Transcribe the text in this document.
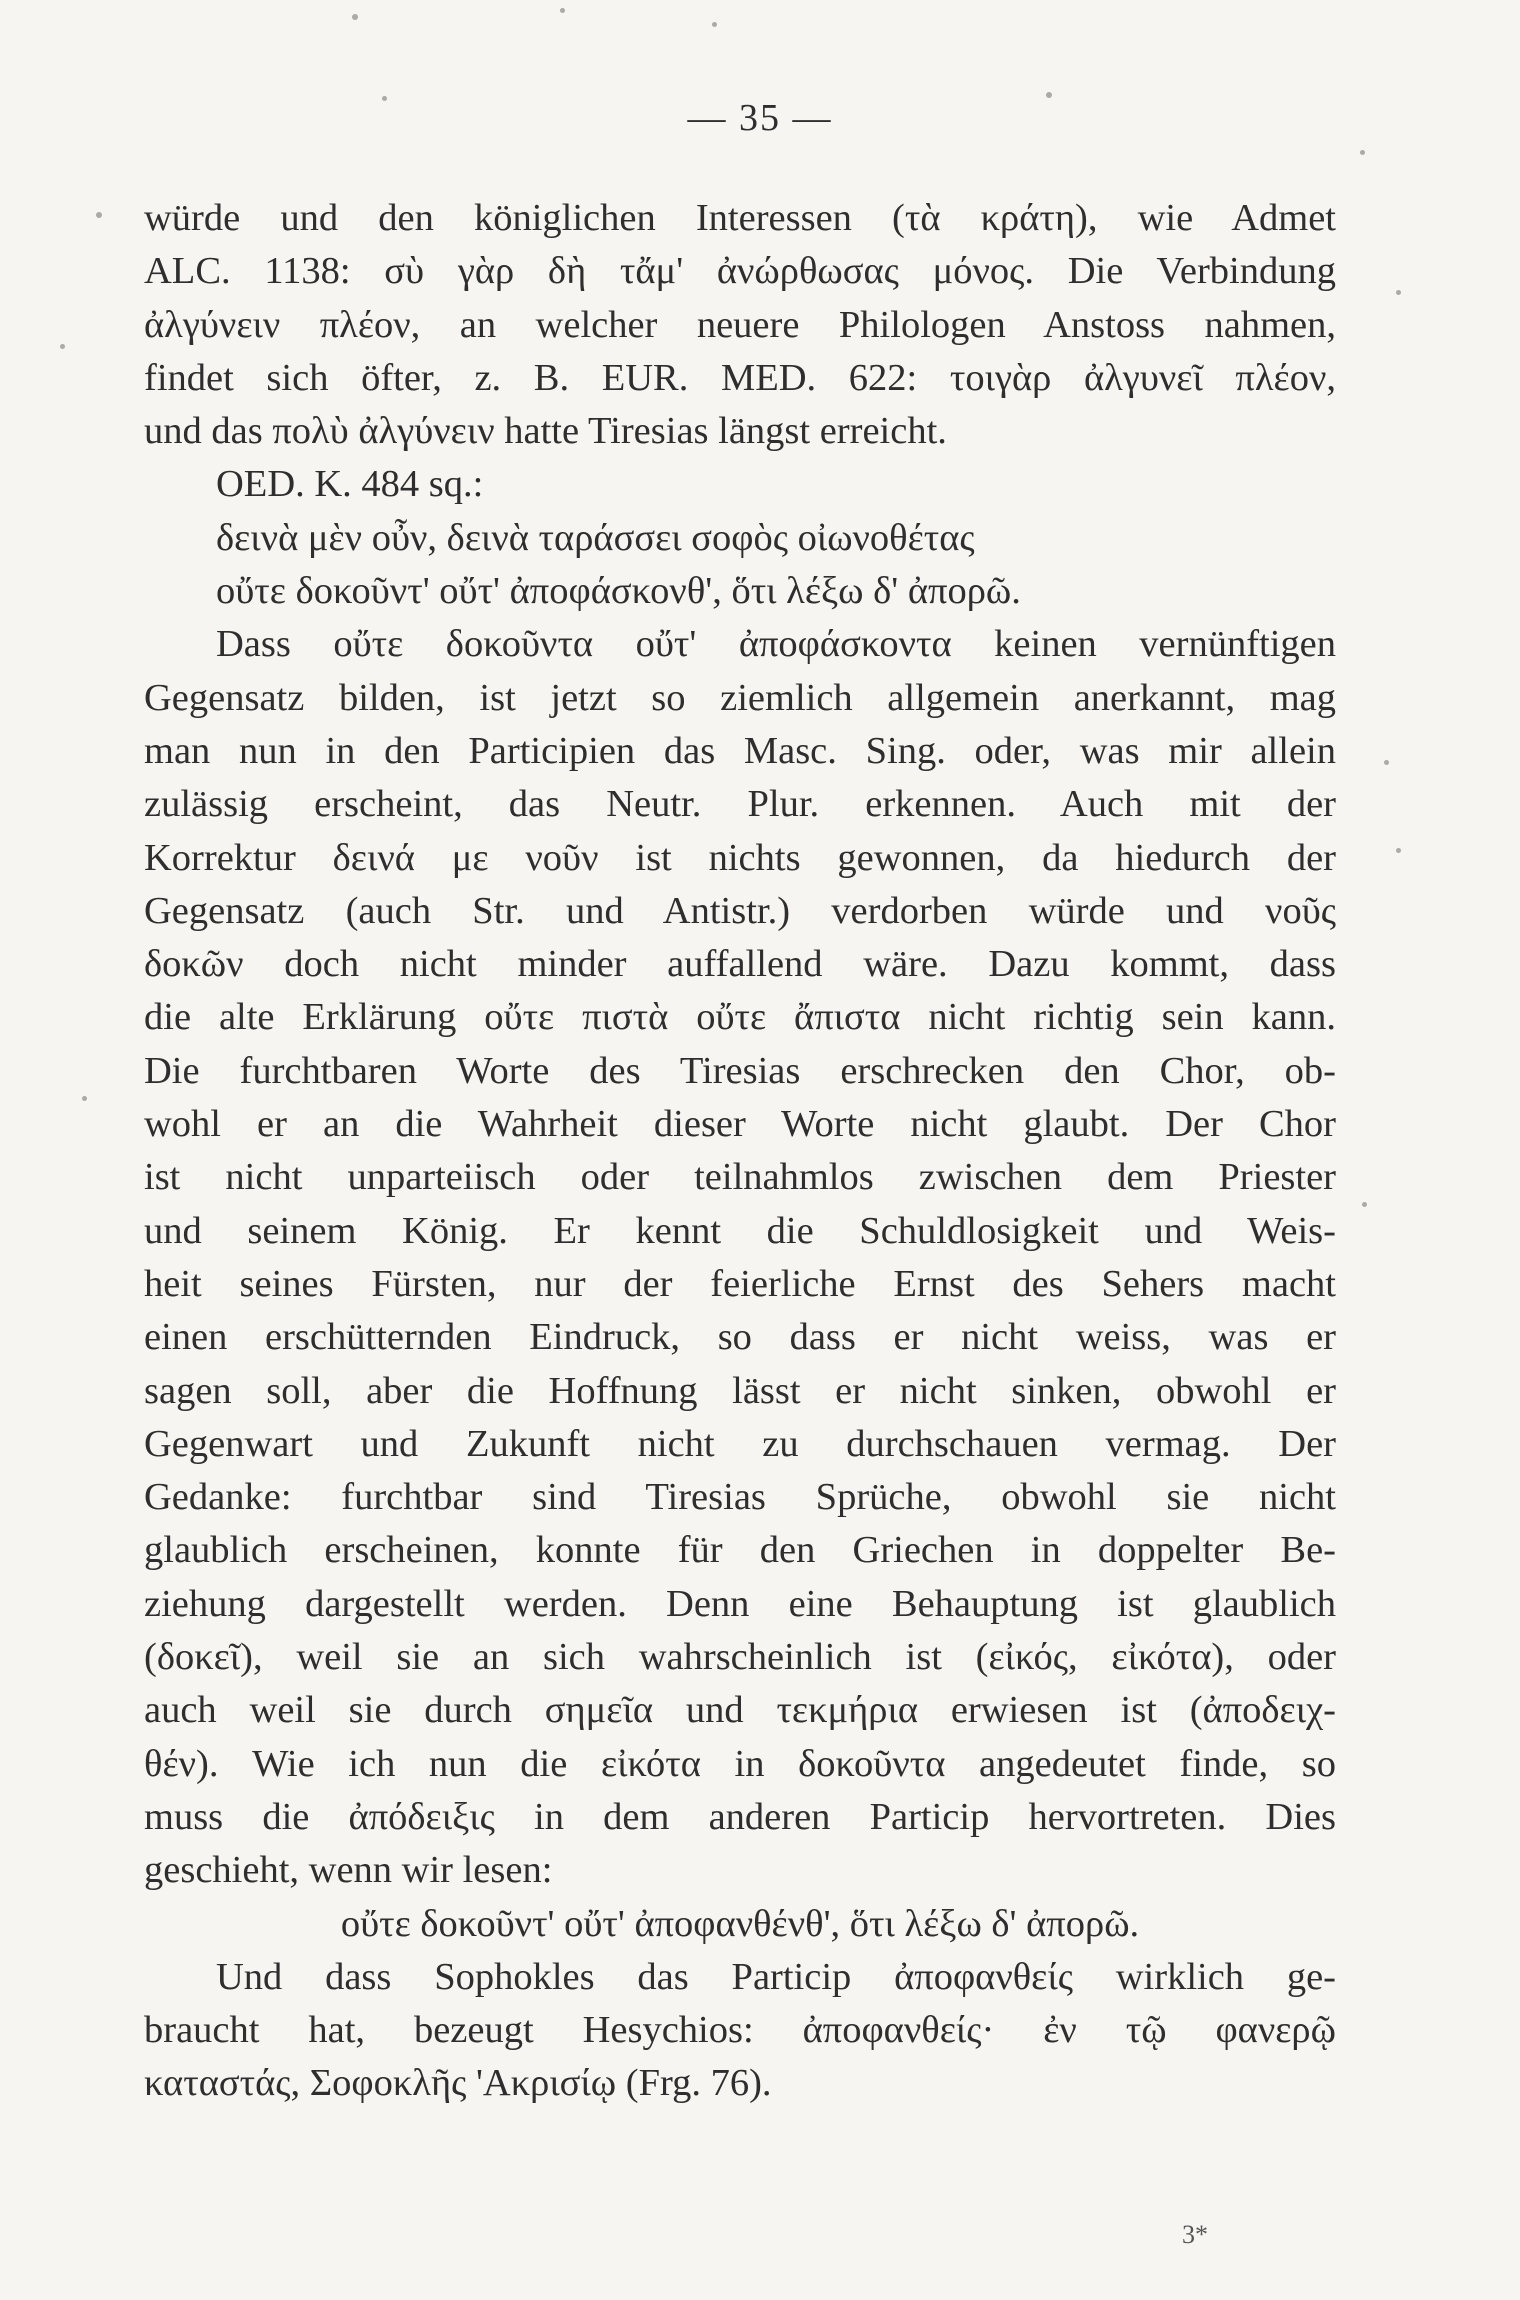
— 35 —
würde und den königlichen Interessen (τὰ κράτη), wie Admet
ALC. 1138: σὺ γὰρ δὴ τἄμ' ἀνώρθωσας μόνος. Die Verbindung
ἀλγύνειν πλέον, an welcher neuere Philologen Anstoss nahmen,
findet sich öfter, z. B. EUR. MED. 622: τοιγὰρ ἀλγυνεῖ πλέον,
und das πολὺ ἀλγύνειν hatte Tiresias längst erreicht.
OED. K. 484 sq.:
δεινὰ μὲν οὖν, δεινὰ ταράσσει σοφὸς οἰωνοθέτας
οὔτε δοκοῦντ' οὔτ' ἀποφάσκονθ', ὅτι λέξω δ' ἀπορῶ.
Dass οὔτε δοκοῦντα οὔτ' ἀποφάσκοντα keinen vernünftigen
Gegensatz bilden, ist jetzt so ziemlich allgemein anerkannt, mag
man nun in den Participien das Masc. Sing. oder, was mir allein
zulässig erscheint, das Neutr. Plur. erkennen. Auch mit der
Korrektur δεινά με νοῦν ist nichts gewonnen, da hiedurch der
Gegensatz (auch Str. und Antistr.) verdorben würde und νοῦς
δοκῶν doch nicht minder auffallend wäre. Dazu kommt, dass
die alte Erklärung οὔτε πιστὰ οὔτε ἄπιστα nicht richtig sein kann.
Die furchtbaren Worte des Tiresias erschrecken den Chor, ob-
wohl er an die Wahrheit dieser Worte nicht glaubt. Der Chor
ist nicht unparteiisch oder teilnahmlos zwischen dem Priester
und seinem König. Er kennt die Schuldlosigkeit und Weis-
heit seines Fürsten, nur der feierliche Ernst des Sehers macht
einen erschütternden Eindruck, so dass er nicht weiss, was er
sagen soll, aber die Hoffnung lässt er nicht sinken, obwohl er
Gegenwart und Zukunft nicht zu durchschauen vermag. Der
Gedanke: furchtbar sind Tiresias Sprüche, obwohl sie nicht
glaublich erscheinen, konnte für den Griechen in doppelter Be-
ziehung dargestellt werden. Denn eine Behauptung ist glaublich
(δοκεῖ), weil sie an sich wahrscheinlich ist (εἰκός, εἰκότα), oder
auch weil sie durch σημεῖα und τεκμήρια erwiesen ist (ἀποδειχ-
θέν). Wie ich nun die εἰκότα in δοκοῦντα angedeutet finde, so
muss die ἀπόδειξις in dem anderen Particip hervortreten. Dies
geschieht, wenn wir lesen:
οὔτε δοκοῦντ' οὔτ' ἀποφανθένθ', ὅτι λέξω δ' ἀπορῶ.
Und dass Sophokles das Particip ἀποφανθείς wirklich ge-
braucht hat, bezeugt Hesychios: ἀποφανθείς· ἐν τῷ φανερῷ
καταστάς, Σοφοκλῆς 'Ακρισίῳ (Frg. 76).
3*
